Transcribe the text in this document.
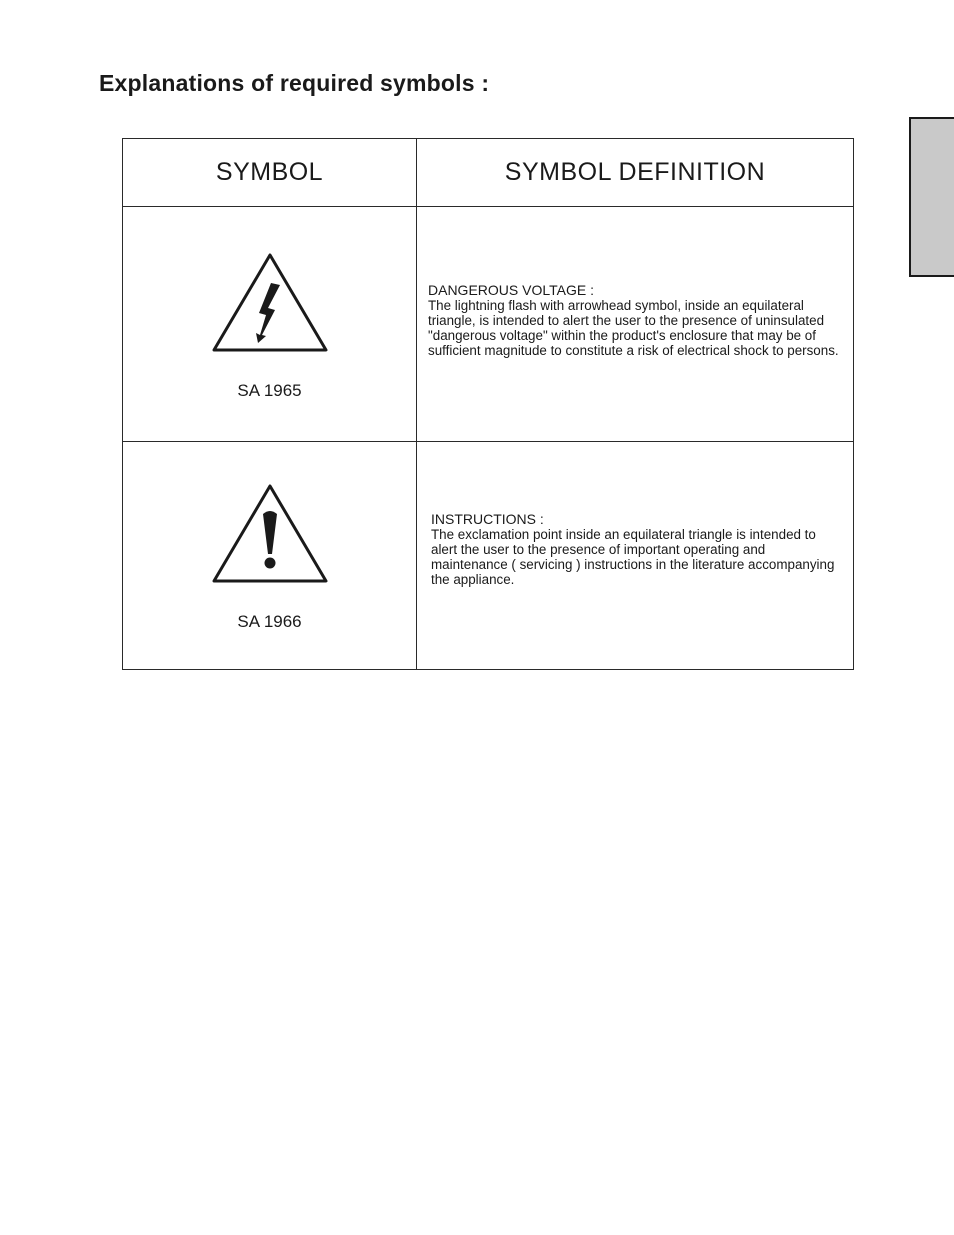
Explanations of required symbols :
SYMBOL	SYMBOL DEFINITION

SA 1965	DANGEROUS VOLTAGE :
The lightning flash with arrowhead symbol, inside an equilateral triangle, is intended to alert the user to the presence of uninsulated "dangerous voltage" within the product's enclosure that may be of sufficient magnitude to constitute a risk of electrical shock to persons.

SA 1966	INSTRUCTIONS :
The exclamation point inside an equilateral triangle is intended to alert the user to the presence of important operating and maintenance ( servicing ) instructions in the literature accompanying the appliance.
